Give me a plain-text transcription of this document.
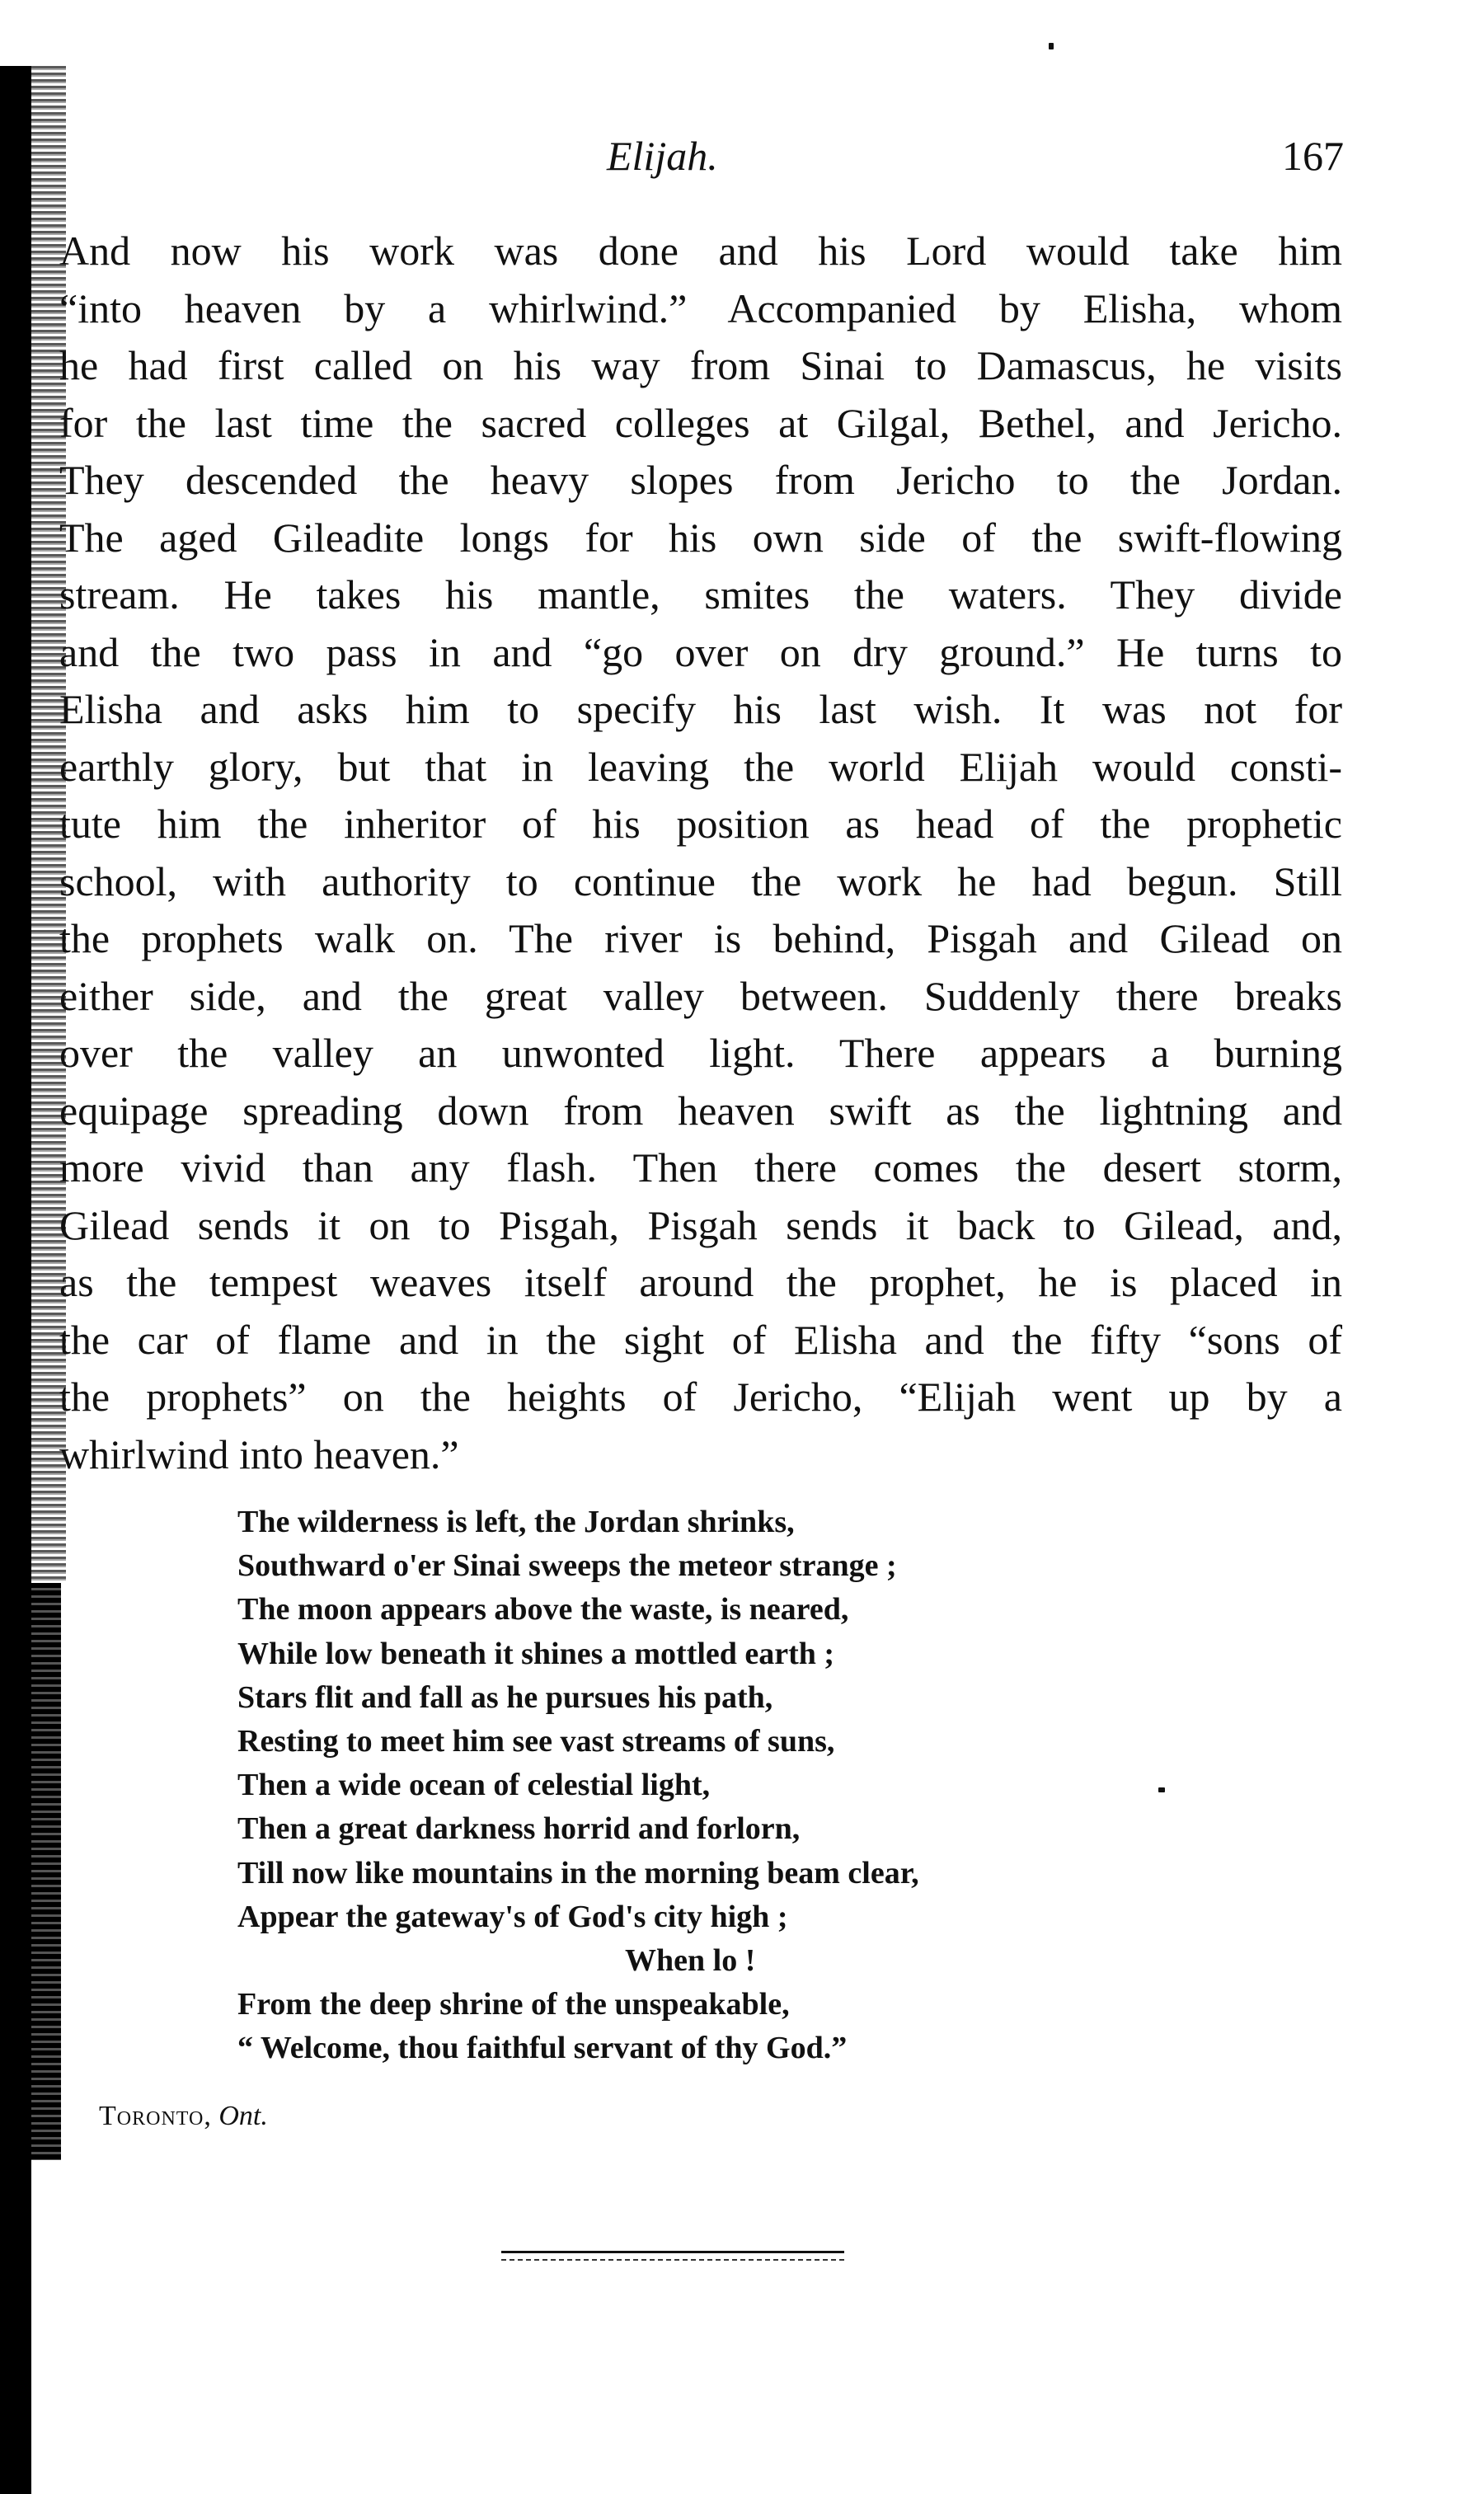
Elijah.	167
And now his work was done and his Lord would take him
“into heaven by a whirlwind.” Accompanied by Elisha, whom
he had first called on his way from Sinai to Damascus, he visits
for the last time the sacred colleges at Gilgal, Bethel, and Jericho.
They descended the heavy slopes from Jericho to the Jordan.
The aged Gileadite longs for his own side of the swift-flowing
stream. He takes his mantle, smites the waters. They divide
and the two pass in and “go over on dry ground.” He turns to
Elisha and asks him to specify his last wish. It was not for
earthly glory, but that in leaving the world Elijah would consti-
tute him the inheritor of his position as head of the prophetic
school, with authority to continue the work he had begun. Still
the prophets walk on. The river is behind, Pisgah and Gilead on
either side, and the great valley between. Suddenly there breaks
over the valley an unwonted light. There appears a burning
equipage spreading down from heaven swift as the lightning and
more vivid than any flash. Then there comes the desert storm,
Gilead sends it on to Pisgah, Pisgah sends it back to Gilead, and,
as the tempest weaves itself around the prophet, he is placed in
the car of flame and in the sight of Elisha and the fifty “sons of
the prophets” on the heights of Jericho, “Elijah went up by a
whirlwind into heaven.”
The wilderness is left, the Jordan shrinks,
Southward o'er Sinai sweeps the meteor strange ;
The moon appears above the waste, is neared,
While low beneath it shines a mottled earth ;
Stars flit and fall as he pursues his path,
Resting to meet him see vast streams of suns,
Then a wide ocean of celestial light,
Then a great darkness horrid and forlorn,
Till now like mountains in the morning beam clear,
Appear the gateway's of God's city high ;
When lo !
From the deep shrine of the unspeakable,
“ Welcome, thou faithful servant of thy God.”
Toronto, Ont.
